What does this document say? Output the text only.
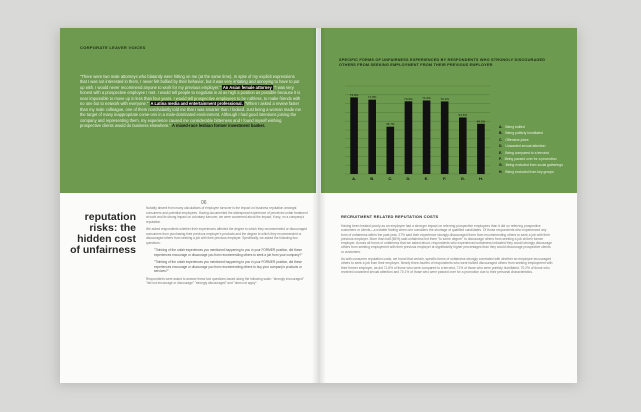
CORPORATE LEAVER VOICES
"There were two male attorneys who blatantly were hitting on me (at the same time). In spite of my explicit expressions that I was not interested in them, I never felt bullied by their behavior, but it was very irritating and annoying to have to put up with. I would never recommend anyone to work for my previous employer." An Asian female attorney "I was very honest with a prospective employee I met. I would tell people to negotiate in at as high a position as possible because it is near impossible to move up in less than four years. I would tell prospective employees to be ruthless, to make friends with no one but to network with everyone." A Latina media and entertainment professional. "When I asked a review faster than my male colleague, one of them nonchalantly told me that I was smarter than I looked. Just being a woman made me the target of many inappropriate come-ons in a male-dominated environment. Although I had good intentions joining the company and representing them, my experience caused me considerable bitterness and I found myself wishing prospective clients would do business elsewhere." A mixed-race lesbian former investment banker.
06
reputation
risks: the
hidden cost
of unfairness

Notably absent from many calculations of employee turnover is the impact on business reputation amongst consumers and potential employees. Having documented the widespread experience of perceived unfair treatment at work and its strong impact on voluntary turnover, we were concerned about the impact, if any, on a company's reputation.

We asked respondents whether their experiences affected the degree to which they recommended or discouraged consumers from purchasing their previous employer's products and the degree to which they recommended or discouraged others from seeking a job with their previous employer. Specifically, we asked the following two questions:

"Thinking of the unfair experiences you mentioned happening to you in your FORMER position, did these experiences encourage or discourage you from recommending others to seek a job from your company?"

"Thinking of the unfair experiences you mentioned happening to you in your FORMER position, did these experiences encourage or discourage you from recommending others to buy your company's products or services?"

Respondents were asked to answer these two questions based along the following scale: "strongly encouraged" "did not encourage or discourage" "strongly discouraged" and "does not apply".

SPECIFIC FORMS OF UNFAIRNESS EXPERIENCED BY RESPONDENTS WHO STRONGLY DISCOURAGED OTHERS FROM SEEKING EMPLOYMENT FROM THEIR PREVIOUS EMPLOYER
74.0%
A.
71.8%
B.
45.7%
C.
70.2%
D.
71.0%
E.
70.1%
F.
54.6%
G.
48.5%
H.
A. Being bullied
B. Being publicly humiliated
C. Offensive jokes
D. Unwanted sexual attention
E. Being compared to a terrorist
F. Being passed over for a promotion
G. Being excluded from social gatherings
H. Being excluded from key groups
RECRUITMENT RELATED REPUTATION COSTS

Having been treated poorly as an employee had a stronger impact on referring prospective employees than it did on referring prospective customers or clients—a notable finding when one considers the shortage of qualified candidates. Of those respondents who experienced any form of unfairness within the past year, 27% said their experience strongly discouraged them from recommending others to seek a job with their previous employer. More than half (56%) said unfairness led them "to some degree" to discourage others from seeking a job at their former employer. Across all forms of unfairness that we asked about, respondents who experienced unfairness indicated they would strongly discourage others from seeking employment with their previous employer at significantly higher percentages than they would discourage prospective clients or customers.

As with consumer reputation costs, we found that certain, specific forms of unfairness strongly correlated with whether an employee encouraged others to seek a job from their employer. Nearly three-fourths of respondents who were bullied discouraged others from seeking employment with their former employer, as did 71.8% of those who were compared to a terrorist, 71% of those who were publicly humiliated, 70.2% of those who received unwanted sexual attention and 70.1% of those who were passed over for a promotion due to their personal characteristics.
